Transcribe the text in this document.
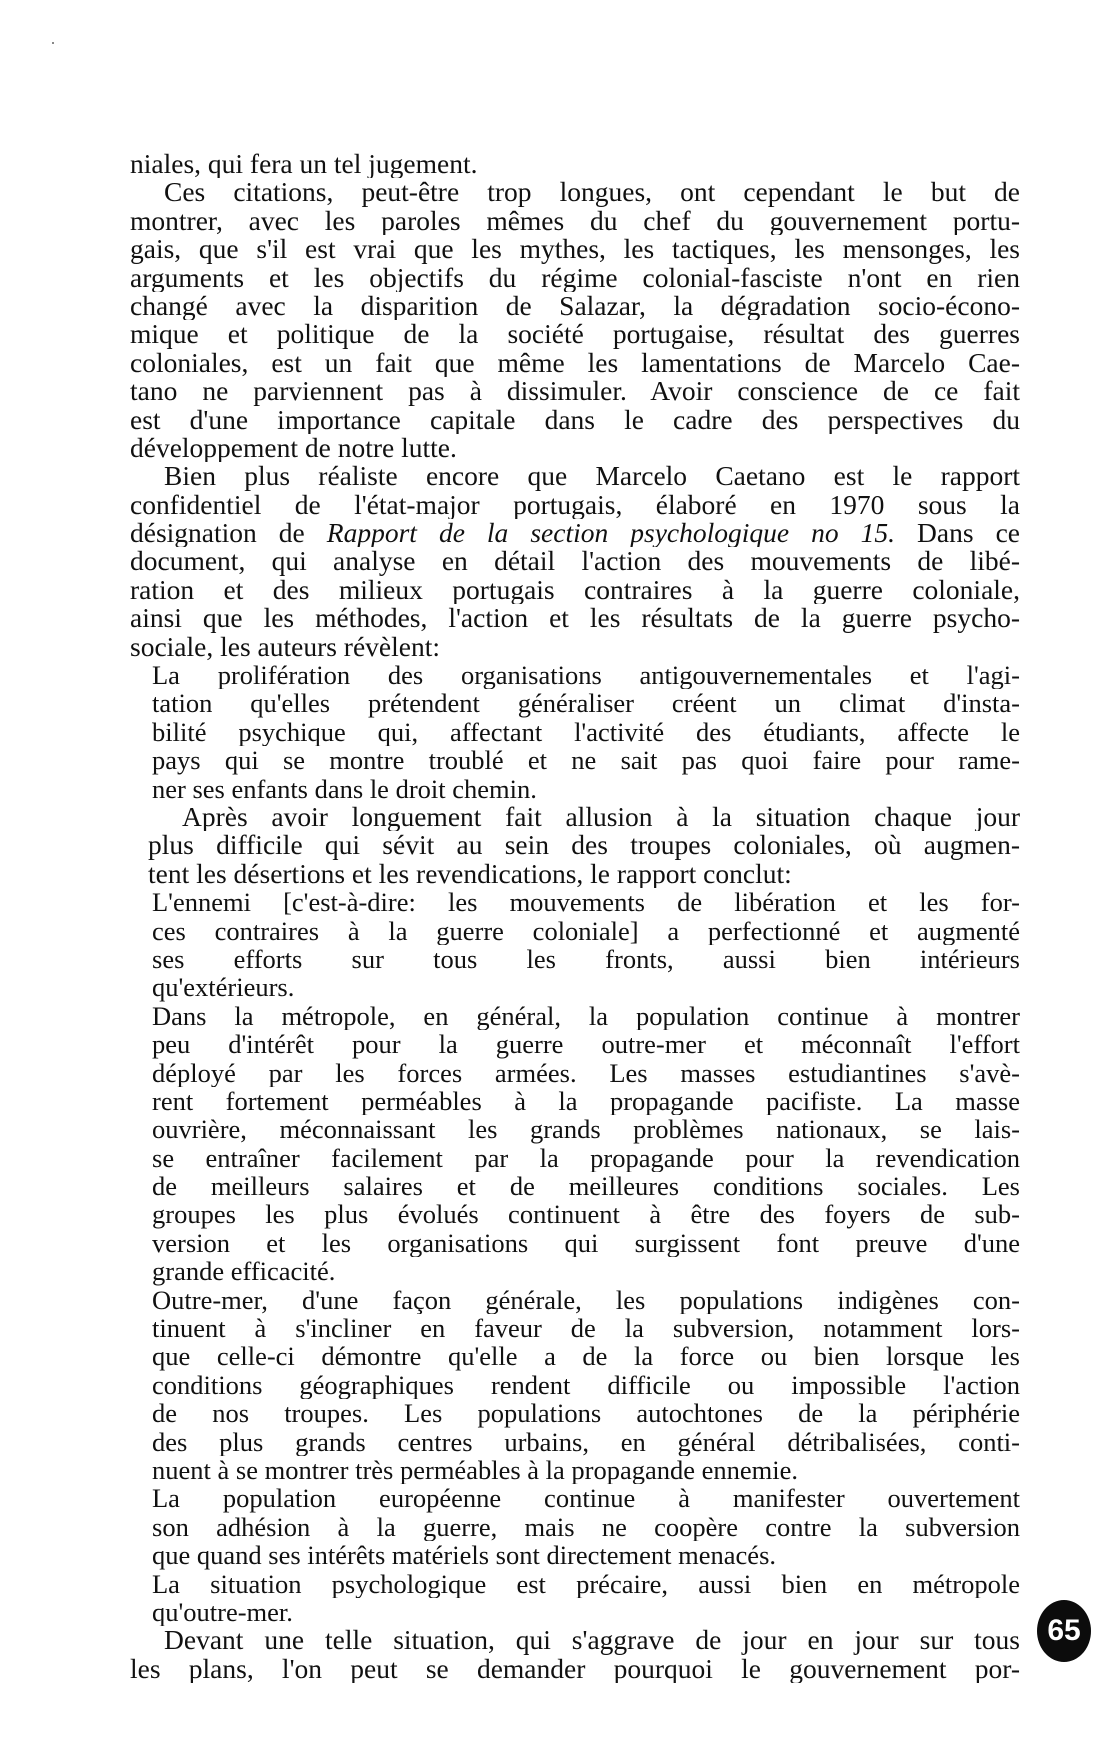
niales, qui fera un tel jugement.
Ces citations, peut-être trop longues, ont cependant le but de
montrer, avec les paroles mêmes du chef du gouvernement portu-
gais, que s'il est vrai que les mythes, les tactiques, les mensonges, les
arguments et les objectifs du régime colonial-fasciste n'ont en rien
changé avec la disparition de Salazar, la dégradation socio-écono-
mique et politique de la société portugaise, résultat des guerres
coloniales, est un fait que même les lamentations de Marcelo Cae-
tano ne parviennent pas à dissimuler. Avoir conscience de ce fait
est d'une importance capitale dans le cadre des perspectives du
développement de notre lutte.
Bien plus réaliste encore que Marcelo Caetano est le rapport
confidentiel de l'état-major portugais, élaboré en 1970 sous la
désignation de Rapport de la section psychologique no 15. Dans ce
document, qui analyse en détail l'action des mouvements de libé-
ration et des milieux portugais contraires à la guerre coloniale,
ainsi que les méthodes, l'action et les résultats de la guerre psycho-
sociale, les auteurs révèlent:
La prolifération des organisations antigouvernementales et l'agi-
tation qu'elles prétendent généraliser créent un climat d'insta-
bilité psychique qui, affectant l'activité des étudiants, affecte le
pays qui se montre troublé et ne sait pas quoi faire pour rame-
ner ses enfants dans le droit chemin.
Après avoir longuement fait allusion à la situation chaque jour
plus difficile qui sévit au sein des troupes coloniales, où augmen-
tent les désertions et les revendications, le rapport conclut:
L'ennemi [c'est-à-dire: les mouvements de libération et les for-
ces contraires à la guerre coloniale] a perfectionné et augmenté
ses efforts sur tous les fronts, aussi bien intérieurs
qu'extérieurs.
Dans la métropole, en général, la population continue à montrer
peu d'intérêt pour la guerre outre-mer et méconnaît l'effort
déployé par les forces armées. Les masses estudiantines s'avè-
rent fortement perméables à la propagande pacifiste. La masse
ouvrière, méconnaissant les grands problèmes nationaux, se lais-
se entraîner facilement par la propagande pour la revendication
de meilleurs salaires et de meilleures conditions sociales. Les
groupes les plus évolués continuent à être des foyers de sub-
version et les organisations qui surgissent font preuve d'une
grande efficacité.
Outre-mer, d'une façon générale, les populations indigènes con-
tinuent à s'incliner en faveur de la subversion, notamment lors-
que celle-ci démontre qu'elle a de la force ou bien lorsque les
conditions géographiques rendent difficile ou impossible l'action
de nos troupes. Les populations autochtones de la périphérie
des plus grands centres urbains, en général détribalisées, conti-
nuent à se montrer très perméables à la propagande ennemie.
La population européenne continue à manifester ouvertement
son adhésion à la guerre, mais ne coopère contre la subversion
que quand ses intérêts matériels sont directement menacés.
La situation psychologique est précaire, aussi bien en métropole
qu'outre-mer.
Devant une telle situation, qui s'aggrave de jour en jour sur tous
les plans, l'on peut se demander pourquoi le gouvernement por-
65
